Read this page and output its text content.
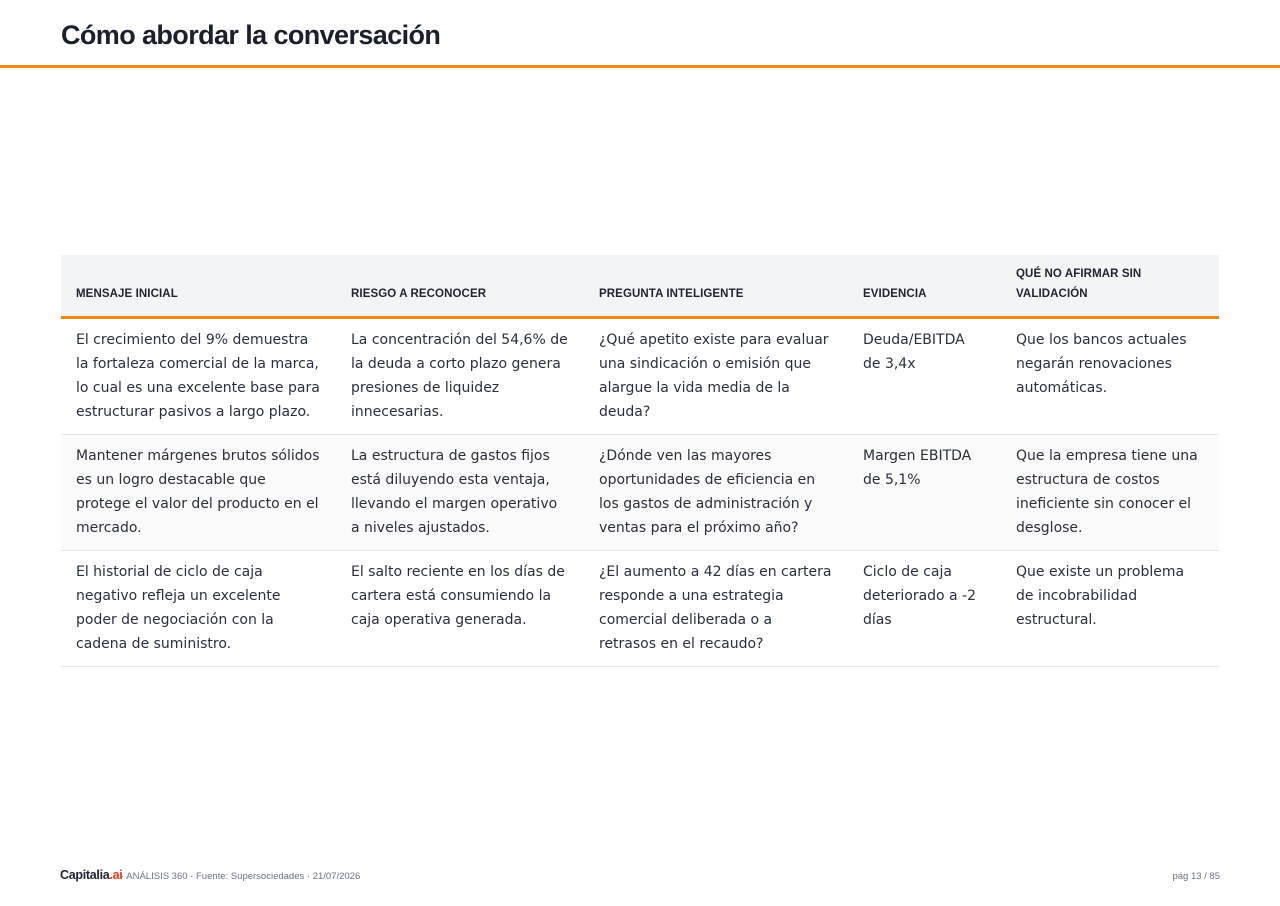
Cómo abordar la conversación
MENSAJE INICIAL	RIESGO A RECONOCER	PREGUNTA INTELIGENTE	EVIDENCIA	QUÉ NO AFIRMAR SIN VALIDACIÓN
El crecimiento del 9% demuestra la fortaleza comercial de la marca, lo cual es una excelente base para estructurar pasivos a largo plazo.	La concentración del 54,6% de la deuda a corto plazo genera presiones de liquidez innecesarias.	¿Qué apetito existe para evaluar una sindicación o emisión que alargue la vida media de la deuda?	Deuda/EBITDA de 3,4x	Que los bancos actuales negarán renovaciones automáticas.
Mantener márgenes brutos sólidos es un logro destacable que protege el valor del producto en el mercado.	La estructura de gastos fijos está diluyendo esta ventaja, llevando el margen operativo a niveles ajustados.	¿Dónde ven las mayores oportunidades de eficiencia en los gastos de administración y ventas para el próximo año?	Margen EBITDA de 5,1%	Que la empresa tiene una estructura de costos ineficiente sin conocer el desglose.
El historial de ciclo de caja negativo refleja un excelente poder de negociación con la cadena de suministro.	El salto reciente en los días de cartera está consumiendo la caja operativa generada.	¿El aumento a 42 días en cartera responde a una estrategia comercial deliberada o a retrasos en el recaudo?	Ciclo de caja deteriorado a -2 días	Que existe un problema de incobrabilidad estructural.
Capitalia.ai
· ANÁLISIS 360 · Fuente: Supersociedades · 21/07/2026	pág 13 / 85
